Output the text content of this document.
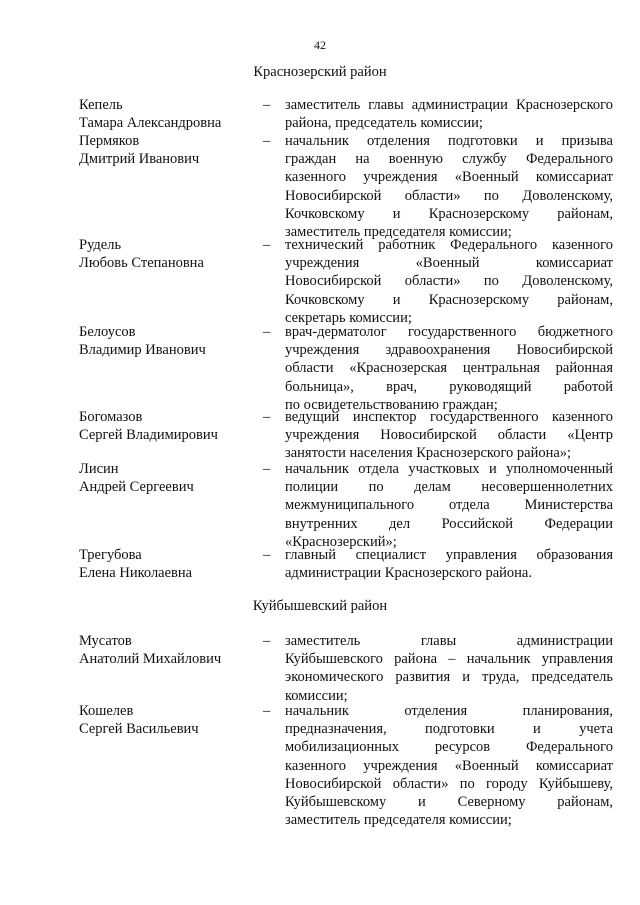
42
Краснозерский район
Кепель
Тамара Александровна
– заместитель главы администрации Краснозерского
района, председатель комиссии;
Пермяков
Дмитрий Иванович
– начальник отделения подготовки и призыва
граждан на военную службу Федерального
казенного учреждения «Военный комиссариат
Новосибирской области» по Доволенскому,
Кочковскому и Краснозерскому районам,
заместитель председателя комиссии;
Рудель
Любовь Степановна
– технический работник Федерального казенного
учреждения «Военный комиссариат
Новосибирской области» по Доволенскому,
Кочковскому и Краснозерскому районам,
секретарь комиссии;
Белоусов
Владимир Иванович
– врач-дерматолог государственного бюджетного
учреждения здравоохранения Новосибирской
области «Краснозерская центральная районная
больница», врач, руководящий работой
по освидетельствованию граждан;
Богомазов
Сергей Владимирович
– ведущий инспектор государственного казенного
учреждения Новосибирской области «Центр
занятости населения Краснозерского района»;
Лисин
Андрей Сергеевич
– начальник отдела участковых и уполномоченный
полиции по делам несовершеннолетних
межмуниципального отдела Министерства
внутренних дел Российской Федерации
«Краснозерский»;
Трегубова
Елена Николаевна
– главный специалист управления образования
администрации Краснозерского района.
Куйбышевский район
Мусатов
Анатолий Михайлович
– заместитель главы администрации
Куйбышевского района – начальник управления
экономического развития и труда, председатель
комиссии;
Кошелев
Сергей Васильевич
– начальник отделения планирования,
предназначения, подготовки и учета
мобилизационных ресурсов Федерального
казенного учреждения «Военный комиссариат
Новосибирской области» по городу Куйбышеву,
Куйбышевскому и Северному районам,
заместитель председателя комиссии;
